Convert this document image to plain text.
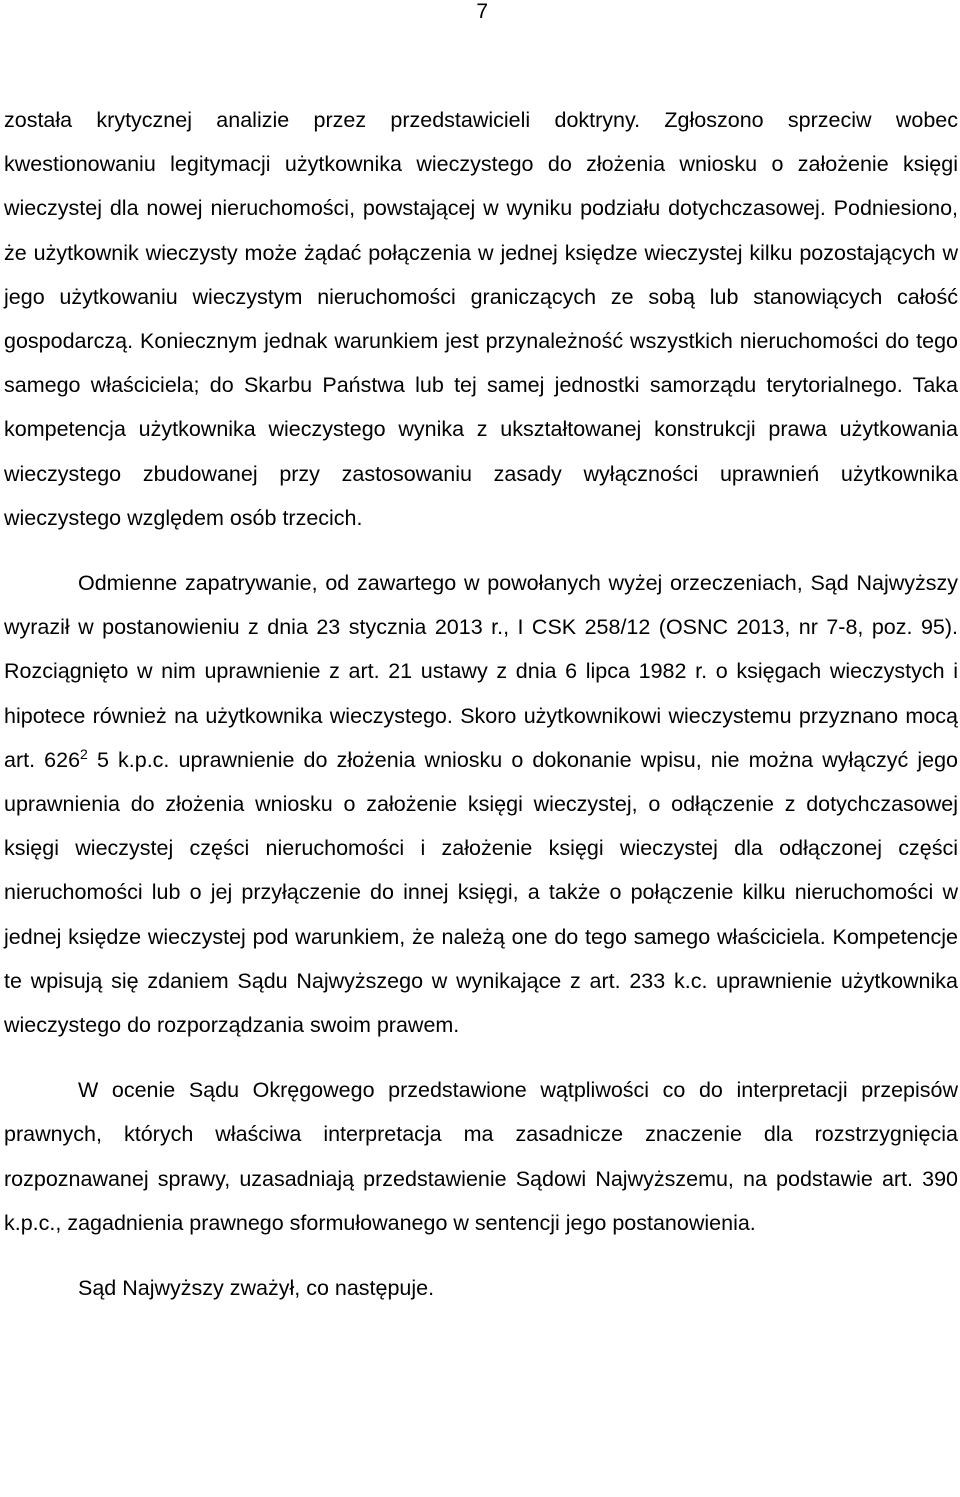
7

została krytycznej analizie przez przedstawicieli doktryny. Zgłoszono sprzeciw wobec kwestionowaniu legitymacji użytkownika wieczystego do złożenia wniosku o założenie księgi wieczystej dla nowej nieruchomości, powstającej w wyniku podziału dotychczasowej. Podniesiono, że użytkownik wieczysty może żądać połączenia w jednej księdze wieczystej kilku pozostających w jego użytkowaniu wieczystym nieruchomości graniczących ze sobą lub stanowiących całość gospodarczą. Koniecznym jednak warunkiem jest przynależność wszystkich nieruchomości do tego samego właściciela; do Skarbu Państwa lub tej samej jednostki samorządu terytorialnego. Taka kompetencja użytkownika wieczystego wynika z ukształtowanej konstrukcji prawa użytkowania wieczystego zbudowanej przy zastosowaniu zasady wyłączności uprawnień użytkownika wieczystego względem osób trzecich.

Odmienne zapatrywanie, od zawartego w powołanych wyżej orzeczeniach, Sąd Najwyższy wyraził w postanowieniu z dnia 23 stycznia 2013 r., I CSK 258/12 (OSNC 2013, nr 7-8, poz. 95). Rozciągnięto w nim uprawnienie z art. 21 ustawy z dnia 6 lipca 1982 r. o księgach wieczystych i hipotece również na użytkownika wieczystego. Skoro użytkownikowi wieczystemu przyznano mocą art. $626^2$ 5 k.p.c. uprawnienie do złożenia wniosku o dokonanie wpisu, nie można wyłączyć jego uprawnienia do złożenia wniosku o założenie księgi wieczystej, o odłączenie z dotychczasowej księgi wieczystej części nieruchomości i założenie księgi wieczystej dla odłączonej części nieruchomości lub o jej przyłączenie do innej księgi, a także o połączenie kilku nieruchomości w jednej księdze wieczystej pod warunkiem, że należą one do tego samego właściciela. Kompetencje te wpisują się zdaniem Sądu Najwyższego w wynikające z art. 233 k.c. uprawnienie użytkownika wieczystego do rozporządzania swoim prawem.

W ocenie Sądu Okręgowego przedstawione wątpliwości co do interpretacji przepisów prawnych, których właściwa interpretacja ma zasadnicze znaczenie dla rozstrzygnięcia rozpoznawanej sprawy, uzasadniają przedstawienie Sądowi Najwyższemu, na podstawie art. 390 k.p.c., zagadnienia prawnego sformułowanego w sentencji jego postanowienia.

Sąd Najwyższy zważył, co następuje.
